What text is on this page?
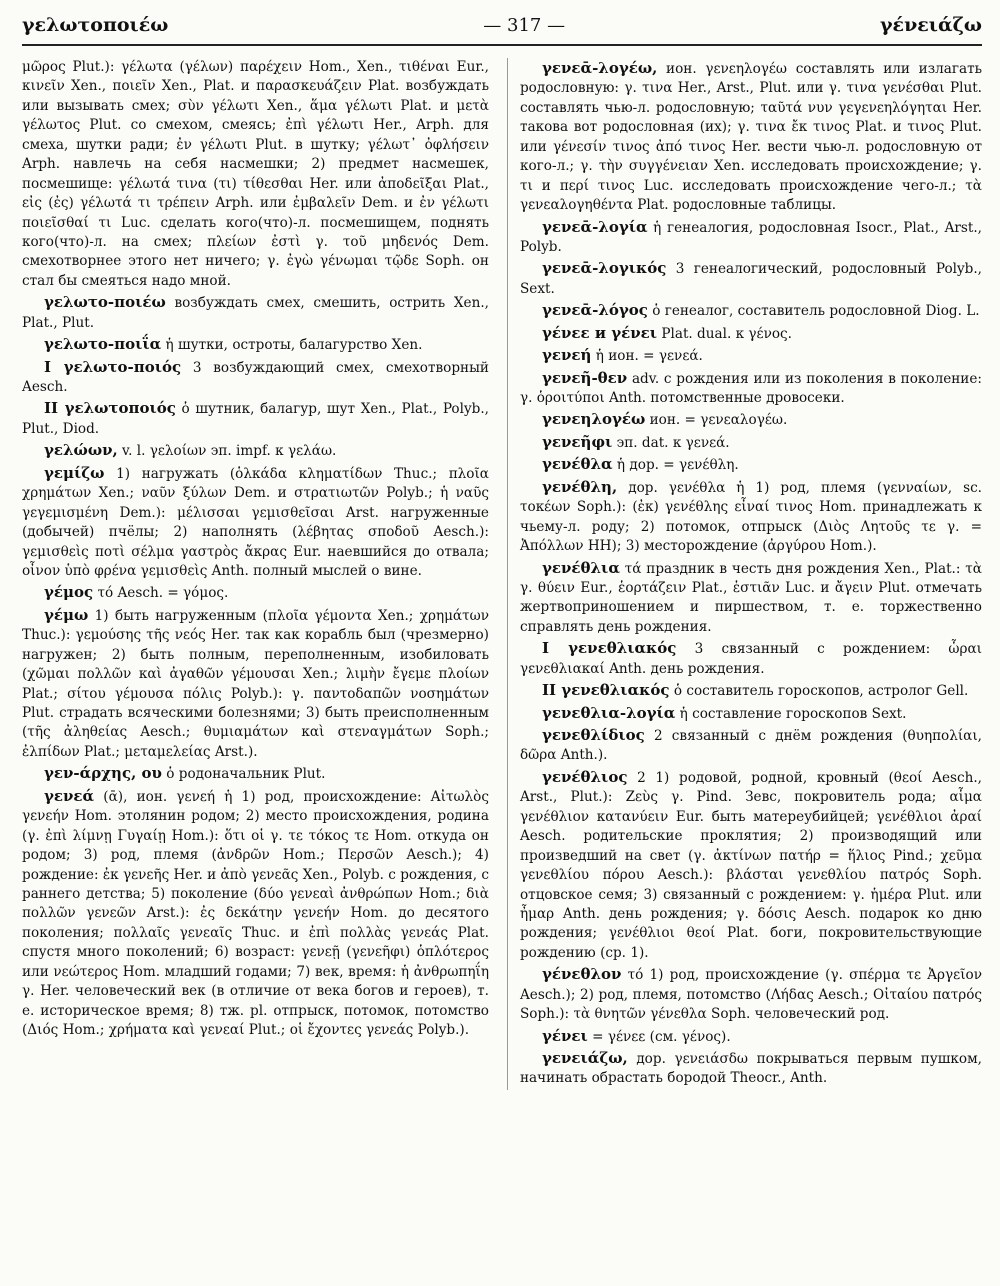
γελωτοποιέω	— 317 —	γένειάζω

μῶρος Plut.): γέλωτα (γέλων) παρέχειν Hom., Xen., τιθέναι Eur., κινεῖν Xen., ποιεῖν Xen., Plat. и παρασκευάζειν Plat. возбуждать или вызывать смех; σὺν γέλωτι Xen., ἅμα γέλωτι Plat. и μετὰ γέλωτος Plut. со смехом, смеясь; ἐπὶ γέλωτι Her., Arph. для смеха, шутки ради; ἐν γέλωτι Plut. в шутку; γέλωτ᾽ ὀφλήσειν Arph. навлечь на себя насмешки; 2) предмет насмешек, посмешище: γέλωτά τινα (τι) τίθεσθαι Her. или ἀποδεῖξαι Plat., εἰς (ἐς) γέλωτά τι τρέπειν Arph. или ἐμβαλεῖν Dem. и ἐν γέλωτι ποιεῖσθαί τι Luc. сделать кого(что)-л. посмешищем, поднять кого(что)-л. на смех; πλείων ἐστὶ γ. τοῦ μηδενός Dem. смехотворнее этого нет ничего; γ. ἐγὼ γένωμαι τῷδε Soph. он стал бы смеяться надо мной.

γελωτο-ποιέω возбуждать смех, смешить, острить Xen., Plat., Plut.

γελωτο-ποιΐα ἡ шутки, остроты, балагурство Xen.

I γελωτο-ποιός 3 возбуждающий смех, смехотворный Aesch.

II γελωτοποιός ὁ шутник, балагур, шут Xen., Plat., Polyb., Plut., Diod.

γελώων, v. l. γελοίων эп. impf. к γελάω.

γεμίζω 1) нагружать (ὁλκάδα κληματίδων Thuc.; πλοῖα χρημάτων Xen.; ναῦν ξύλων Dem. и στρατιωτῶν Polyb.; ἡ ναῦς γεγεμισμένη Dem.): μέλισσαι γεμισθεῖσαι Arst. нагруженные (добычей) пчёлы; 2) наполнять (λέβητας σποδοῦ Aesch.): γεμισθεὶς ποτὶ σέλμα γαστρὸς ἄκρας Eur. наевшийся до отвала; οἶνον ὑπὸ φρένα γεμισθεὶς Anth. полный мыслей о вине.

γέμος τό Aesch. = γόμος.

γέμω 1) быть нагруженным (πλοῖα γέμοντα Xen.; χρημάτων Thuc.): γεμούσης τῆς νεός Her. так как корабль был (чрезмерно) нагружен; 2) быть полным, переполненным, изобиловать (χῶμαι πολλῶν καὶ ἀγαθῶν γέμουσαι Xen.; λιμὴν ἔγεμε πλοίων Plat.; σίτου γέμουσα πόλις Polyb.): γ. παντοδαπῶν νοσημάτων Plut. страдать всяческими болезнями; 3) быть преисполненным (τῆς ἀληθείας Aesch.; θυμιαμάτων καὶ στεναγμάτων Soph.; ἐλπίδων Plat.; μεταμελείας Arst.).

γεν-άρχης, ου ὁ родоначальник Plut.

γενεά (ᾱ), ион. γενεή ἡ 1) род, происхождение: Αἰτωλὸς γενεήν Hom. этолянин родом; 2) место происхождения, родина (γ. ἐπὶ λίμνῃ Γυγαίῃ Hom.): ὅτι οἱ γ. τε τόκος τε Hom. откуда он родом; 3) род, племя (ἀνδρῶν Hom.; Περσῶν Aesch.); 4) рождение: ἐκ γενεῆς Her. и ἀπὸ γενεᾶς Xen., Polyb. с рождения, с раннего детства; 5) поколение (δύο γενεαὶ ἀνθρώπων Hom.; διὰ πολλῶν γενεῶν Arst.): ἐς δεκάτην γενεήν Hom. до десятого поколения; πολλαῖς γενεαῖς Thuc. и ἐπὶ πολλὰς γενεάς Plat. спустя много поколений; 6) возраст: γενεῇ (γενεῆφι) ὁπλότερος или νεώτερος Hom. младший годами; 7) век, время: ἡ ἀνθρωπηΐη γ. Her. человеческий век (в отличие от века богов и героев), т. е. историческое время; 8) тж. pl. отпрыск, потомок, потомство (Διός Hom.; χρήματα καὶ γενεαί Plut.; οἱ ἔχοντες γενεάς Polyb.).

γενεᾱ-λογέω, ион. γενεηλογέω составлять или излагать родословную: γ. τινα Her., Arst., Plut. или γ. τινα γενέσθαι Plut. составлять чью-л. родословную; ταῦτά νυν γεγενεηλόγηται Her. такова вот родословная (их); γ. τινα ἔκ τινος Plat. и τινος Plut. или γένεσίν τινος ἀπό τινος Her. вести чью-л. родословную от кого-л.; γ. τὴν συγγένειαν Xen. исследовать происхождение; γ. τι и περί τινος Luc. исследовать происхождение чего-л.; τὰ γενεαλογηθέντα Plat. родословные таблицы.

γενεᾱ-λογία ἡ генеалогия, родословная Isocr., Plat., Arst., Polyb.

γενεᾱ-λογικός 3 генеалогический, родословный Polyb., Sext.

γενεᾱ-λόγος ὁ генеалог, составитель родословной Diog. L.

γένεε и γένει Plat. dual. к γένος.

γενεή ἡ ион. = γενεά.

γενεῆ-θεν adv. с рождения или из поколения в поколение: γ. ὁροιτύποι Anth. потомственные дровосеки.

γενεηλογέω ион. = γενεαλογέω.

γενεῆφι эп. dat. к γενεά.

γενέθλα ἡ дор. = γενέθλη.

γενέθλη, дор. γενέθλα ἡ 1) род, племя (γενναίων, sc. τοκέων Soph.): (ἐκ) γενέθλης εἶναί τινος Hom. принадлежать к чьему-л. роду; 2) потомок, отпрыск (Διὸς Λητοῦς τε γ. = Ἀπόλλων HH); 3) месторождение (ἀργύρου Hom.).

γενέθλια τά праздник в честь дня рождения Xen., Plat.: τὰ γ. θύειν Eur., ἑορτάζειν Plat., ἑστιᾶν Luc. и ἄγειν Plut. отмечать жертвоприношением и пиршеством, т. е. торжественно справлять день рождения.

I γενεθλιακός 3 связанный с рождением: ὧραι γενεθλιακαί Anth. день рождения.

II γενεθλιακός ὁ составитель гороскопов, астролог Gell.

γενεθλια-λογία ἡ составление гороскопов Sext.

γενεθλίδιος 2 связанный с днём рождения (θυηπολίαι, δῶρα Anth.).

γενέθλιος 2 1) родовой, родной, кровный (θεοί Aesch., Arst., Plut.): Ζεὺς γ. Pind. Зевс, покровитель рода; αἷμα γενέθλιον κατανύειν Eur. быть матереубийцей; γενέθλιοι ἀραί Aesch. родительские проклятия; 2) производящий или произведший на свет (γ. ἀκτίνων πατήρ = ἥλιος Pind.; χεῦμα γενεθλίου πόρου Aesch.): βλάσται γενεθλίου πατρός Soph. отцовское семя; 3) связанный с рождением: γ. ἡμέρα Plut. или ἦμαρ Anth. день рождения; γ. δόσις Aesch. подарок ко дню рождения; γενέθλιοι θεοί Plat. боги, покровительствующие рождению (ср. 1).

γένεθλον τό 1) род, происхождение (γ. σπέρμα τε Ἀργεῖον Aesch.); 2) род, племя, потомство (Λήδας Aesch.; Οἰταίου πατρός Soph.): τὰ θνητῶν γένεθλα Soph. человеческий род.

γένει = γένεε (см. γένος).

γενειάζω, дор. γενειάσδω покрываться первым пушком, начинать обрастать бородой Theocr., Anth.
